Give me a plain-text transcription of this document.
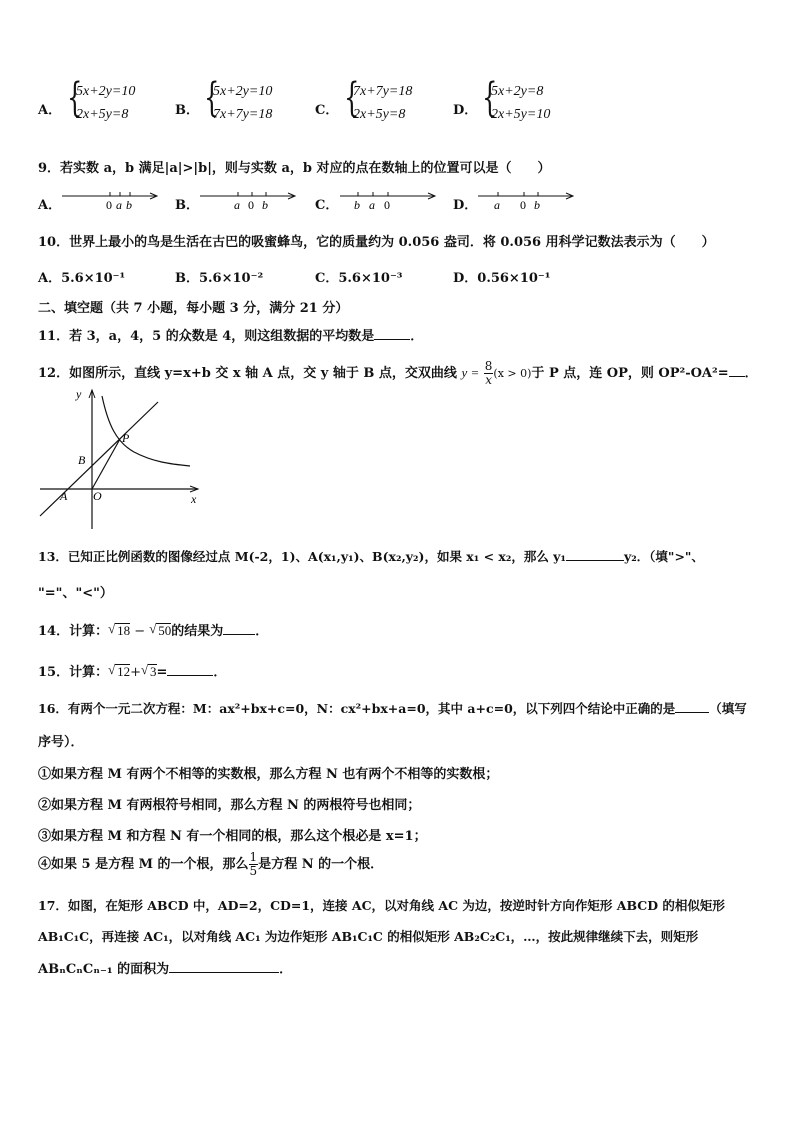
A． {
5x+2y=10
2x+5y=8	B． {
5x+2y=10
7x+7y=18	C． {
7x+7y=18
2x+5y=8	D． {
5x+2y=8
2x+5y=10
9．若实数 a，b 满足|a|>|b|，则与实数 a，b 对应的点在数轴上的位置可以是（　　）
A．	0 a b	B．	a 0 b	C． b a 0	D． a 0 b
10．世界上最小的鸟是生活在古巴的吸蜜蜂鸟，它的质量约为 0.056 盎司．将 0.056 用科学记数法表示为（　　）
A．5.6×10⁻¹	B．5.6×10⁻²	C．5.6×10⁻³	D．0.56×10⁻¹
二、填空题（共 7 小题，每小题 3 分，满分 21 分）
11．若 3，a，4，5 的众数是 4，则这组数据的平均数是	．
12．如图所示，直线 y=x+b 交 x 轴 A 点，交 y 轴于 B 点，交双曲线 $y = \frac{8}{x} (x > 0)$于 P 点，连 OP，则 OP²-OA²= ．
y
x
P
B
A O
13．已知正比例函数的图像经过点 M(-2，1)、A(x₁,y₁)、B(x₂,y₂)，如果 x₁ < x₂，那么 y₁	y₂．（填">"、
"="、"<"）
14．计算： √ 18 − √ 50的结果为 ．
15．计算： √ 12+ √ 3=	．
16．有两个一元二次方程：M：ax²+bx+c=0，N：cx²+bx+a=0，其中 a+c=0，以下列四个结论中正确的是	（填写
序号）．
①如果方程 M 有两个不相等的实数根，那么方程 N 也有两个不相等的实数根；
②如果方程 M 有两根符号相同，那么方程 N 的两根符号也相同；
③如果方程 M 和方程 N 有一个相同的根，那么这个根必是 x=1；
④如果 5 是方程 M 的一个根，那么 $\frac{1}{5}$ 是方程 N 的一个根．
17．如图，在矩形 ABCD 中，AD=2，CD=1，连接 AC，以对角线 AC 为边，按逆时针方向作矩形 ABCD 的相似矩形
AB₁C₁C，再连接 AC₁，以对角线 AC₁ 为边作矩形 AB₁C₁C 的相似矩形 AB₂C₂C₁，…，按此规律继续下去，则矩形
ABₙCₙCₙ₋₁ 的面积为	．
